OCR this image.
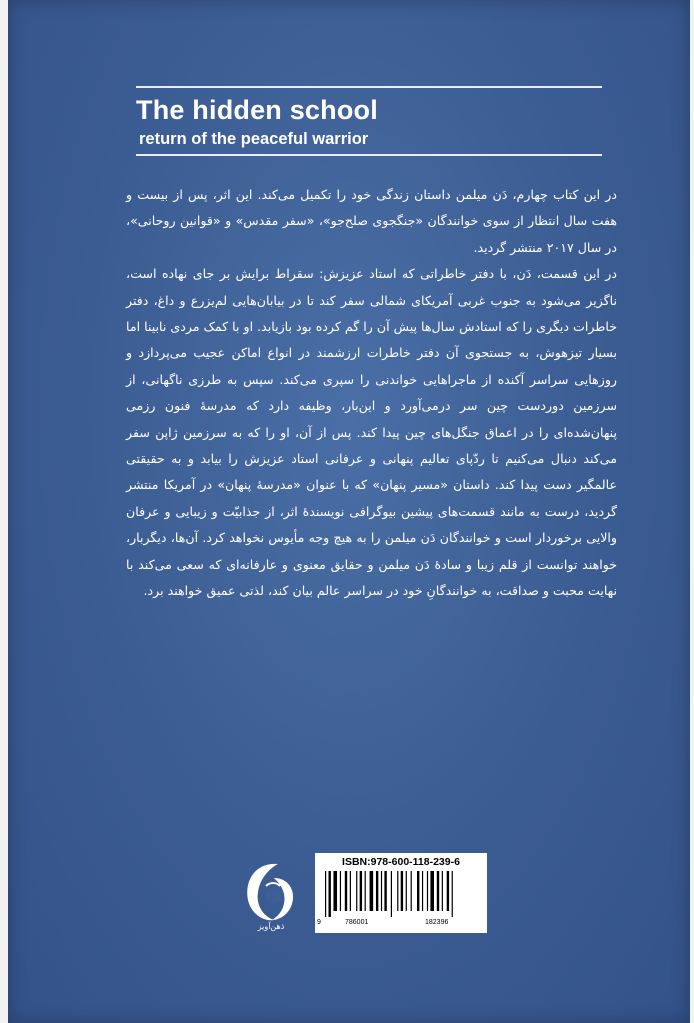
The hidden school
return of the peaceful warrior

در این کتاب چهارم، دَن میلمن داستان زندگی خود را تکمیل می‌کند. این اثر، پس از بیست و هفت سال انتظار از سوی خوانندگان «جنگجوی صلح‌جو»، «سفر مقدس» و «قوانین روحانی»، در سال ۲۰۱۷ منتشر گردید.

در این قسمت، دَن، با دفتر خاطراتی که استاد عزیزش: سقراط برایش بر جای نهاده است، ناگزیر می‌شود به جنوب غربی آمریکای شمالی سفر کند تا در بیابان‌هایی لم‌یزرع و داغ، دفتر خاطرات دیگری را که استادش سال‌ها پیش آن را گم کرده بود بازیابد. او با کمک مردی نابینا اما بسیار تیزهوش، به جستجوی آن دفتر خاطرات ارزشمند در انواع اماکن عجیب می‌پردازد و روزهایی سراسر آکنده از ماجراهایی خواندنی را سپری می‌کند. سپس به طرزی ناگهانی، از سرزمین دوردست چین سر درمی‌آورد و این‌بار، وظیفه دارد که مدرسهٔ فنون رزمی پنهان‌شده‌ای را در اعماق جنگل‌های چین پیدا کند. پس از آن، او را که به سرزمین ژاپن سفر می‌کند دنبال می‌کنیم تا ردّپای تعالیم پنهانی و عرفانی استاد عزیزش را بیابد و به حقیقتی عالمگیر دست پیدا کند. داستان «مسیر پنهان» که با عنوان «مدرسهٔ پنهان» در آمریکا منتشر گردید، درست به مانند قسمت‌های پیشین بیوگرافی نویسندهٔ اثر، از جذابیّت و زیبایی و عرفان والایی برخوردار است و خوانندگان دَن میلمن را به هیچ وجه مأیوس نخواهد کرد. آن‌ها، دیگربار، خواهند توانست از قلم زیبا و سادهٔ دَن میلمن و حقایق معنوی و عارفانه‌ای که سعی می‌کند با نهایت محبت و صداقت، به خوانندگانِ خود در سراسر عالم بیان کند، لذتی عمیق خواهند برد.

ذهن‌آویز
ISBN:978-600-118-239-6
9	786001	182396
